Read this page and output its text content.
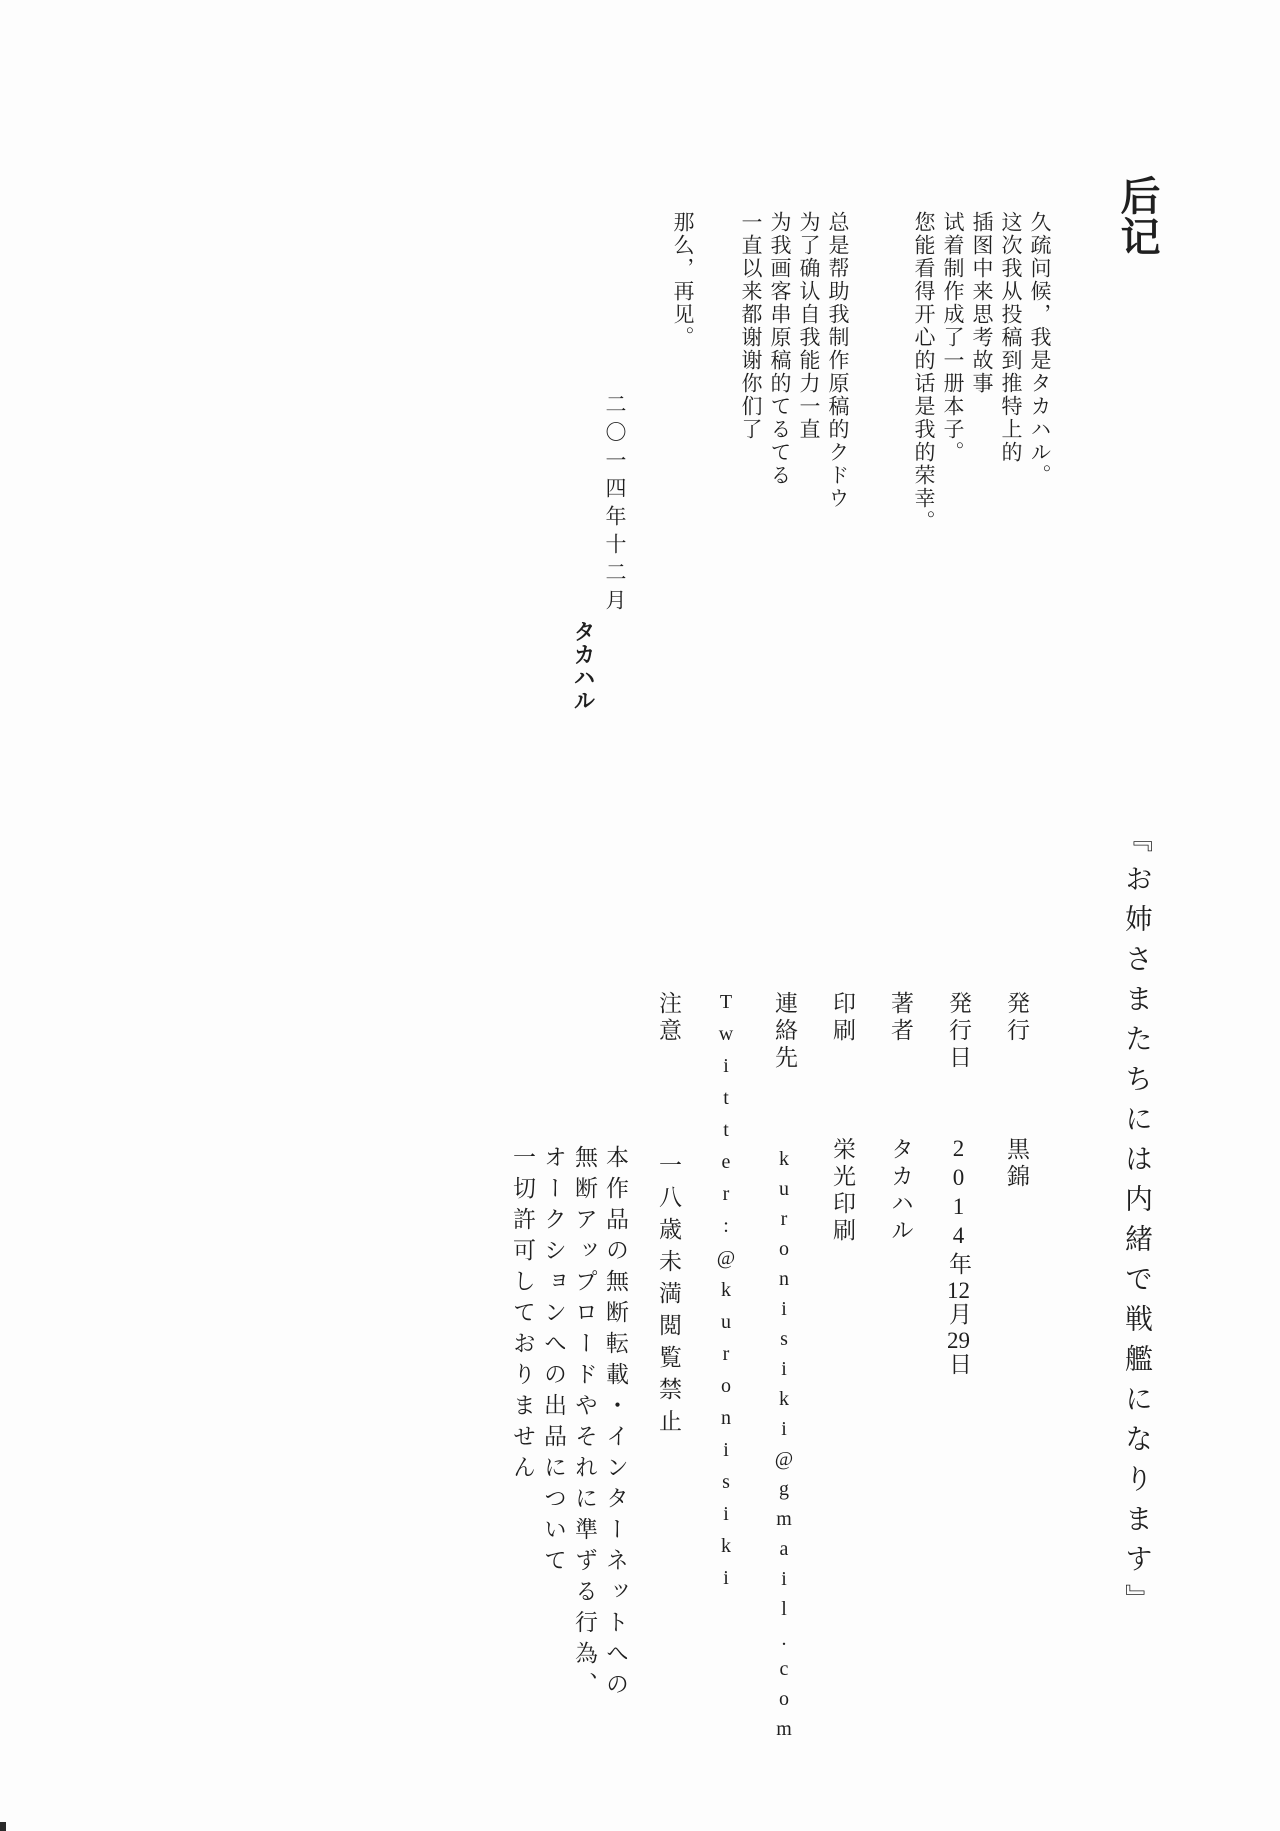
后记

久疏问候，我是タカハル。

这次我从投稿到推特上的

插图中来思考故事

试着制作成了一册本子。

您能看得开心的话是我的荣幸。

总是帮助我制作原稿的クドウ

为了确认自我能力一直

为我画客串原稿的てるてる

一直以来都谢谢你们了

那么，再见。

二〇一四年十二月

タカハル

『お姉さまたちには内緒で戦艦になります』

発行黒錦

発行日2014年12月29日

著者タカハル

印刷栄光印刷

連絡先kuronisiki@gmail.com

Twitter:@kuronisiki

注意一八歳未満閲覧禁止

本作品の無断転載・インターネットへの

無断アップロードやそれに準ずる行為、

オークションへの出品について

一切許可しておりません
